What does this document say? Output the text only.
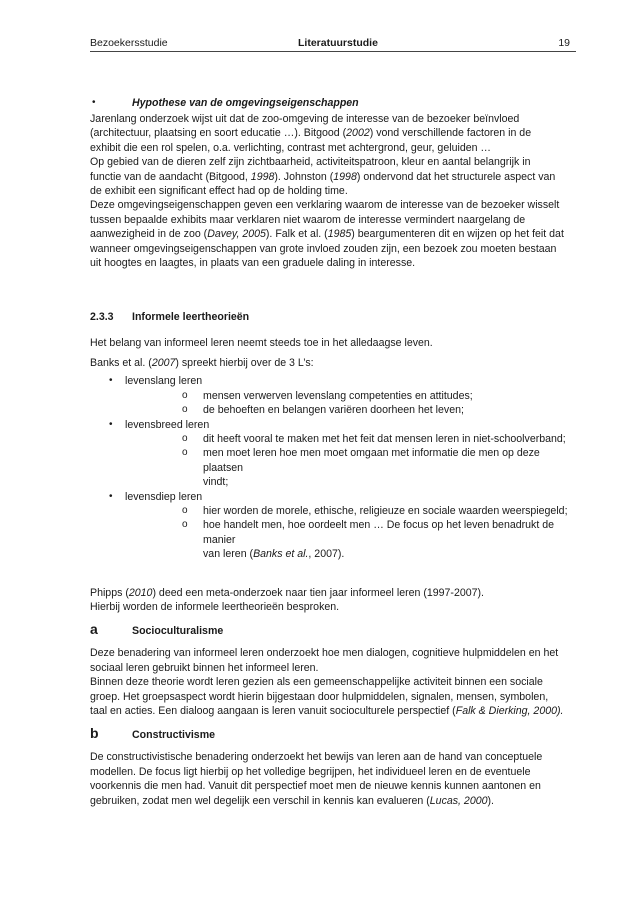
Bezoekersstudie	Literatuurstudie	19
•	Hypothese van de omgevingseigenschappen

Jarenlang onderzoek wijst uit dat de zoo-omgeving de interesse van de bezoeker beïnvloed
(architectuur, plaatsing en soort educatie …). Bitgood (2002) vond verschillende factoren in de
exhibit die een rol spelen, o.a. verlichting, contrast met achtergrond, geur, geluiden …

Op gebied van de dieren zelf zijn zichtbaarheid, activiteitspatroon, kleur en aantal belangrijk in
functie van de aandacht (Bitgood, 1998). Johnston (1998) ondervond dat het structurele aspect van
de exhibit een significant effect had op de holding time.

Deze omgevingseigenschappen geven een verklaring waarom de interesse van de bezoeker wisselt
tussen bepaalde exhibits maar verklaren niet waarom de interesse vermindert naargelang de
aanwezigheid in de zoo (Davey, 2005). Falk et al. (1985) beargumenteren dit en wijzen op het feit dat
wanneer omgevingseigenschappen van grote invloed zouden zijn, een bezoek zou moeten bestaan
uit hoogtes en laagtes, in plaats van een graduele daling in interesse.

2.3.3 Informele leertheorieën

Het belang van informeel leren neemt steeds toe in het alledaagse leven.

Banks et al. (2007) spreekt hierbij over de 3 L’s:

• levenslang leren
o mensen verwerven levenslang competenties en attitudes;
o de behoeften en belangen variëren doorheen het leven;
• levensbreed leren
o dit heeft vooral te maken met het feit dat mensen leren in niet-schoolverband;
o men moet leren hoe men moet omgaan met informatie die men op deze plaatsen
vindt;
• levensdiep leren
o hier worden de morele, ethische, religieuze en sociale waarden weerspiegeld;
o hoe handelt men, hoe oordeelt men … De focus op het leven benadrukt de manier
van leren (Banks et al., 2007).

Phipps (2010) deed een meta-onderzoek naar tien jaar informeel leren (1997-2007).
Hierbij worden de informele leertheorieën besproken.

a	Socioculturalisme

Deze benadering van informeel leren onderzoekt hoe men dialogen, cognitieve hulpmiddelen en het
sociaal leren gebruikt binnen het informeel leren.

Binnen deze theorie wordt leren gezien als een gemeenschappelijke activiteit binnen een sociale
groep. Het groepsaspect wordt hierin bijgestaan door hulpmiddelen, signalen, mensen, symbolen,
taal en acties. Een dialoog aangaan is leren vanuit socioculturele perspectief (Falk & Dierking, 2000).

b	Constructivisme

De constructivistische benadering onderzoekt het bewijs van leren aan de hand van conceptuele
modellen. De focus ligt hierbij op het volledige begrijpen, het individueel leren en de eventuele
voorkennis die men had. Vanuit dit perspectief moet men de nieuwe kennis kunnen aantonen en
gebruiken, zodat men wel degelijk een verschil in kennis kan evalueren (Lucas, 2000).
